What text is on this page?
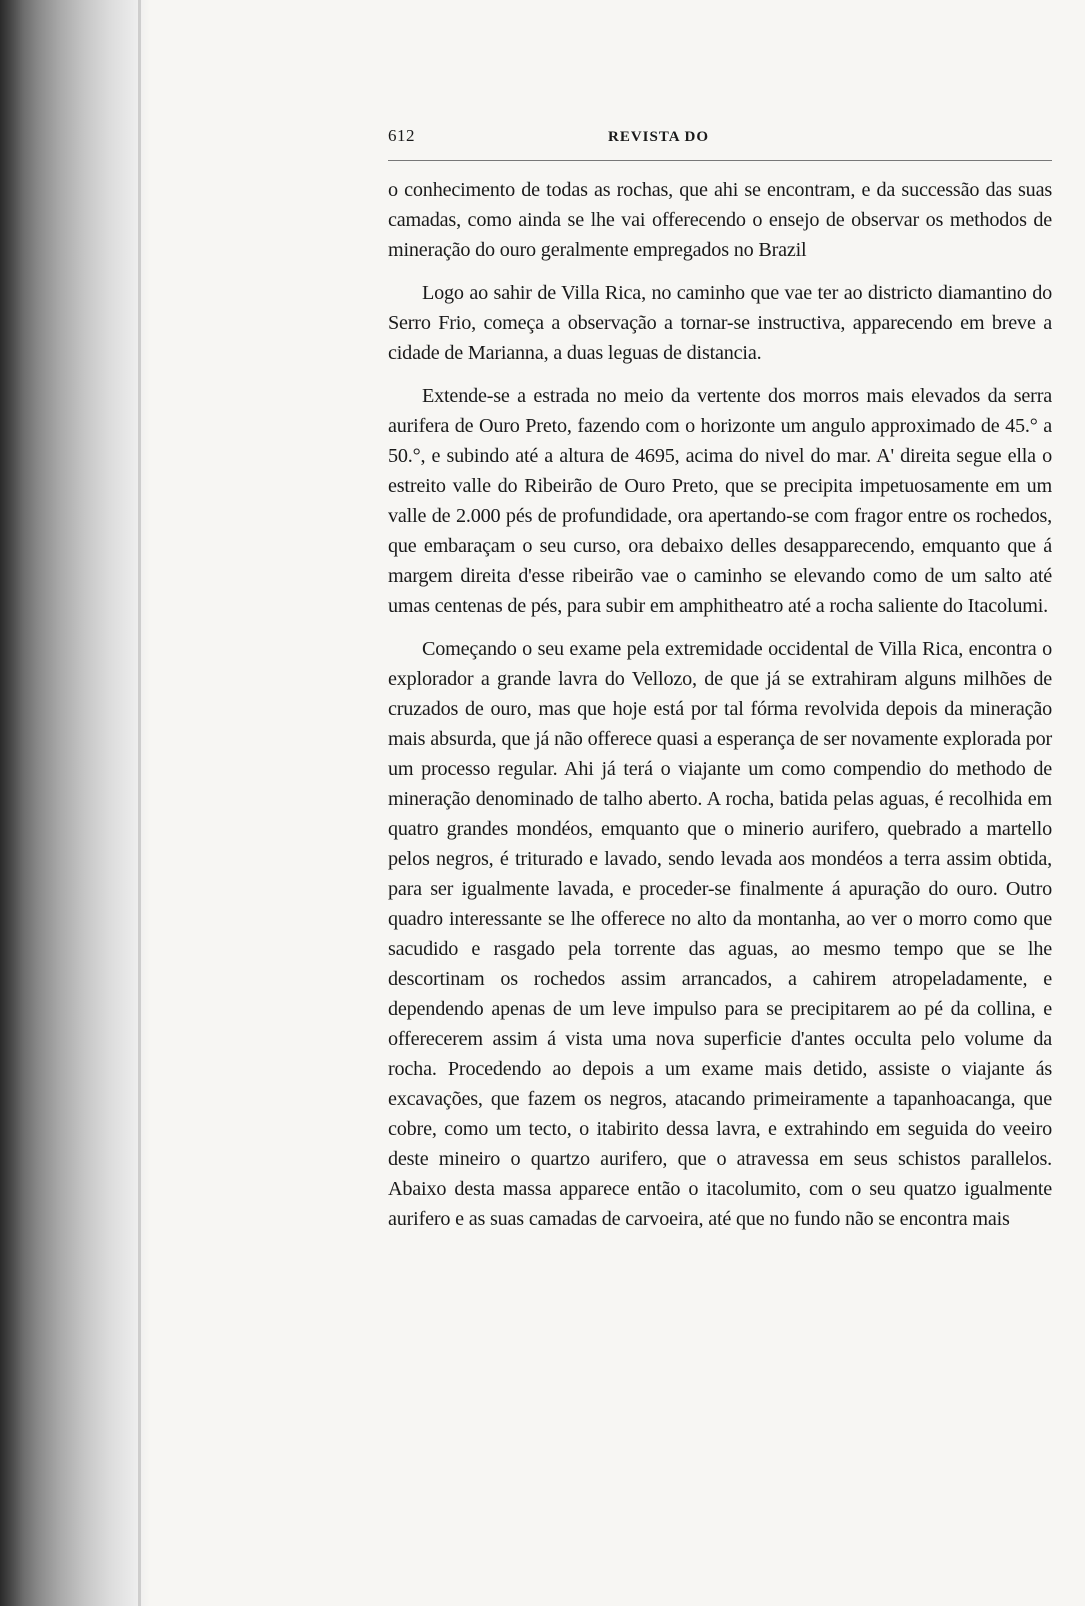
612	REVISTA DO

o conhecimento de todas as rochas, que ahi se encontram, e da successão das suas camadas, como ainda se lhe vai offerecendo o ensejo de observar os methodos de mineração do ouro geralmente empregados no Brazil

Logo ao sahir de Villa Rica, no caminho que vae ter ao districto diamantino do Serro Frio, começa a observação a tornar-se instructiva, apparecendo em breve a cidade de Marianna, a duas leguas de distancia.

Extende-se a estrada no meio da vertente dos morros mais elevados da serra aurifera de Ouro Preto, fazendo com o horizonte um angulo approximado de 45.° a 50.°, e subindo até a altura de 4695, acima do nivel do mar. A' direita segue ella o estreito valle do Ribeirão de Ouro Preto, que se precipita impetuosamente em um valle de 2.000 pés de profundidade, ora apertando-se com fragor entre os rochedos, que embaraçam o seu curso, ora debaixo delles desapparecendo, emquanto que á margem direita d'esse ribeirão vae o caminho se elevando como de um salto até umas centenas de pés, para subir em amphitheatro até a rocha saliente do Itacolumi.

Começando o seu exame pela extremidade occidental de Villa Rica, encontra o explorador a grande lavra do Vellozo, de que já se extrahiram alguns milhões de cruzados de ouro, mas que hoje está por tal fórma revolvida depois da mineração mais absurda, que já não offerece quasi a esperança de ser novamente explorada por um processo regular. Ahi já terá o viajante um como compendio do methodo de mineração denominado de talho aberto. A rocha, batida pelas aguas, é recolhida em quatro grandes mondéos, emquanto que o minerio aurifero, quebrado a martello pelos negros, é triturado e lavado, sendo levada aos mondéos a terra assim obtida, para ser igualmente lavada, e proceder-se finalmente á apuração do ouro. Outro quadro interessante se lhe offerece no alto da montanha, ao ver o morro como que sacudido e rasgado pela torrente das aguas, ao mesmo tempo que se lhe descortinam os rochedos assim arrancados, a cahirem atropeladamente, e dependendo apenas de um leve impulso para se precipitarem ao pé da collina, e offerecerem assim á vista uma nova superficie d'antes occulta pelo volume da rocha. Procedendo ao depois a um exame mais detido, assiste o viajante ás excavações, que fazem os negros, atacando primeiramente a tapanhoacanga, que cobre, como um tecto, o itabirito dessa lavra, e extrahindo em seguida do veeiro deste mineiro o quartzo aurifero, que o atravessa em seus schistos parallelos. Abaixo desta massa apparece então o itacolumito, com o seu quatzo igualmente aurifero e as suas camadas de carvoeira, até que no fundo não se encontra mais
